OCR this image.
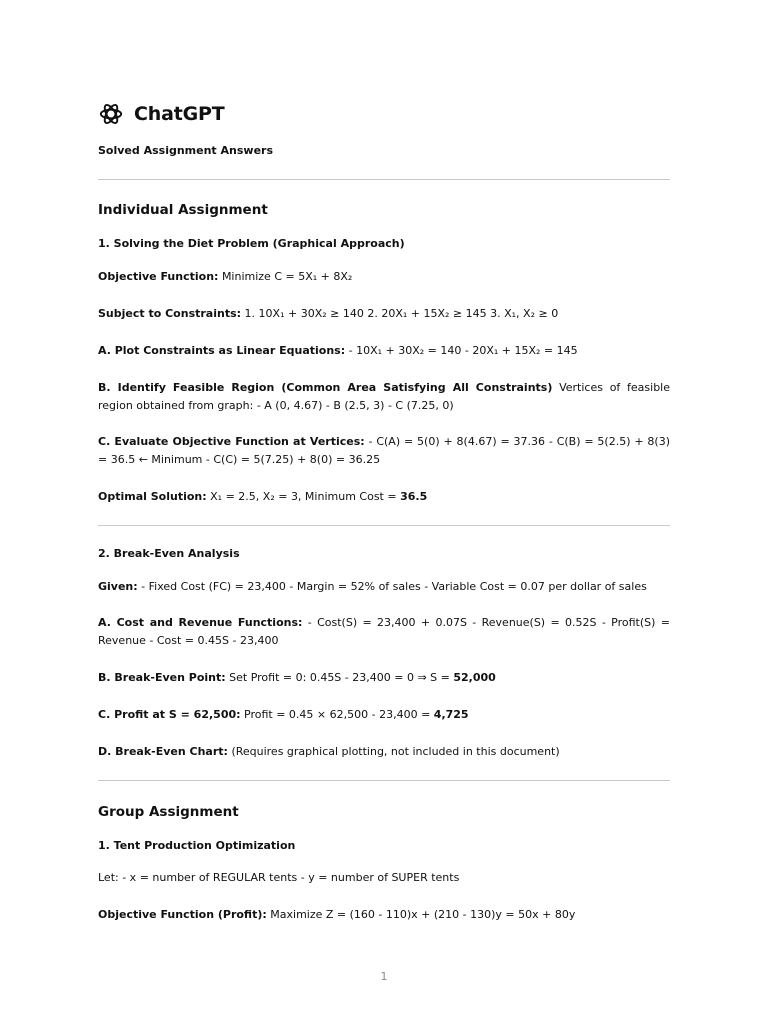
ChatGPT
Solved Assignment Answers
Individual Assignment
1. Solving the Diet Problem (Graphical Approach)

Objective Function: Minimize C = 5X₁ + 8X₂

Subject to Constraints: 1. 10X₁ + 30X₂ ≥ 140 2. 20X₁ + 15X₂ ≥ 145 3. X₁, X₂ ≥ 0

A. Plot Constraints as Linear Equations: - 10X₁ + 30X₂ = 140 - 20X₁ + 15X₂ = 145

B. Identify Feasible Region (Common Area Satisfying All Constraints) Vertices of feasible region obtained from graph: - A (0, 4.67) - B (2.5, 3) - C (7.25, 0)

C. Evaluate Objective Function at Vertices: - C(A) = 5(0) + 8(4.67) = 37.36 - C(B) = 5(2.5) + 8(3) = 36.5 ← Minimum - C(C) = 5(7.25) + 8(0) = 36.25

Optimal Solution: X₁ = 2.5, X₂ = 3, Minimum Cost = 36.5

2. Break-Even Analysis

Given: - Fixed Cost (FC) = 23,400 - Margin = 52% of sales - Variable Cost = 0.07 per dollar of sales

A. Cost and Revenue Functions: - Cost(S) = 23,400 + 0.07S - Revenue(S) = 0.52S - Profit(S) = Revenue - Cost = 0.45S - 23,400

B. Break-Even Point: Set Profit = 0: 0.45S - 23,400 = 0 ⇒ S = 52,000

C. Profit at S = 62,500: Profit = 0.45 × 62,500 - 23,400 = 4,725

D. Break-Even Chart: (Requires graphical plotting, not included in this document)

Group Assignment
1. Tent Production Optimization

Let: - x = number of REGULAR tents - y = number of SUPER tents

Objective Function (Profit): Maximize Z = (160 - 110)x + (210 - 130)y = 50x + 80y

1
